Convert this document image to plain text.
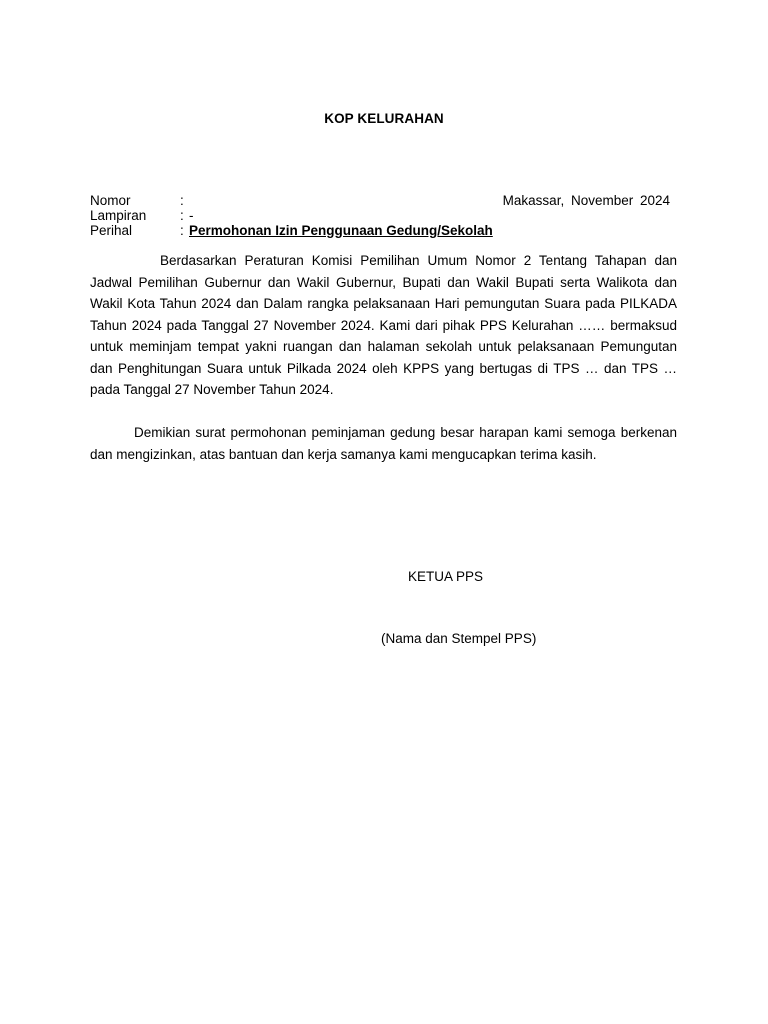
KOP KELURAHAN
Nomor	:	Makassar, November 2024
Lampiran : -
Perihal	: Permohonan Izin Penggunaan Gedung/Sekolah

Berdasarkan Peraturan Komisi Pemilihan Umum Nomor 2 Tentang Tahapan dan Jadwal Pemilihan Gubernur dan Wakil Gubernur, Bupati dan Wakil Bupati serta Walikota dan Wakil Kota Tahun 2024 dan Dalam rangka pelaksanaan Hari pemungutan Suara pada PILKADA Tahun 2024 pada Tanggal 27 November 2024. Kami dari pihak PPS Kelurahan …… bermaksud untuk meminjam tempat yakni ruangan dan halaman sekolah untuk pelaksanaan Pemungutan dan Penghitungan Suara untuk Pilkada 2024 oleh KPPS yang bertugas di TPS … dan TPS … pada Tanggal 27 November Tahun 2024.

Demikian surat permohonan peminjaman gedung besar harapan kami semoga berkenan dan mengizinkan, atas bantuan dan kerja samanya kami mengucapkan terima kasih.

KETUA PPS
(Nama dan Stempel PPS)
